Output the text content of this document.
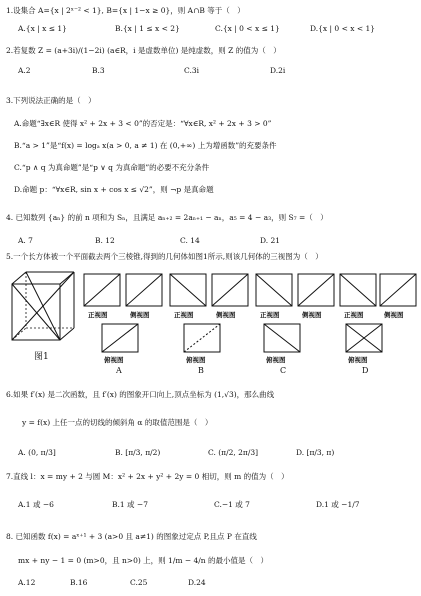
1.设集合 A={x | 2ˣ⁻² < 1}, B={x | 1−x ≥ 0}，则 A∩B 等于（　）
A.{x | x ≤ 1}	B.{x | 1 ≤ x < 2}	C.{x | 0 < x ≤ 1}	D.{x | 0 < x < 1}
2.若复数 Z = (a+3i)/(1−2i) (a∈R，i 是虚数单位) 是纯虚数，则 Z 的值为（　）
A.2	B.3	C.3i	D.2i
3.下列说法正确的是（　）
A.命题“∃x∈R 使得 x² + 2x + 3 < 0”的否定是：“∀x∈R, x² + 2x + 3 > 0”
B.“a > 1”是“f(x) = logₐ x(a > 0, a ≠ 1) 在 (0,+∞) 上为增函数”的充要条件
C.“p ∧ q 为真命题”是“p ∨ q 为真命题”的必要不充分条件
D.命题 p：“∀x∈R, sin x + cos x ≤ √2”，则 ¬p 是真命题
4. 已知数列 {aₙ} 的前 n 项和为 Sₙ，且满足 aₙ₊₂ = 2aₙ₊₁ − aₙ，a₅ = 4 − a₃，则 S₇ =（　）
A. 7	B. 12	C. 14	D. 21
5.一个长方体被一个平面截去两个三棱锥,得到的几何体如图1所示,则该几何体的三视图为（　）
图1
正视图	侧视图
俯视图
A
正视图	侧视图
俯视图
B
正视图	侧视图
俯视图
C
正视图	侧视图
俯视图
D
6.如果 f′(x) 是二次函数，且 f′(x) 的图象开口向上,顶点坐标为 (1,√3)，那么曲线
y = f(x) 上任一点的切线的倾斜角 α 的取值范围是（　）
A. (0, π/3]	B. [π/3, π/2)	C. (π/2, 2π/3]	D. [π/3, π)
7.直线 l：x = my + 2 与圆 M：x² + 2x + y² + 2y = 0 相切，则 m 的值为（　）
A.1 或 −6	B.1 或 −7	C.−1 或 7	D.1 或 −1/7
8. 已知函数 f(x) = aˣ⁺¹ + 3 (a>0 且 a≠1) 的图象过定点 P,且点 P 在直线
mx + ny − 1 = 0 (m>0，且 n>0) 上，则 1/m − 4/n 的最小值是（　）
A.12	B.16	C.25	D.24
